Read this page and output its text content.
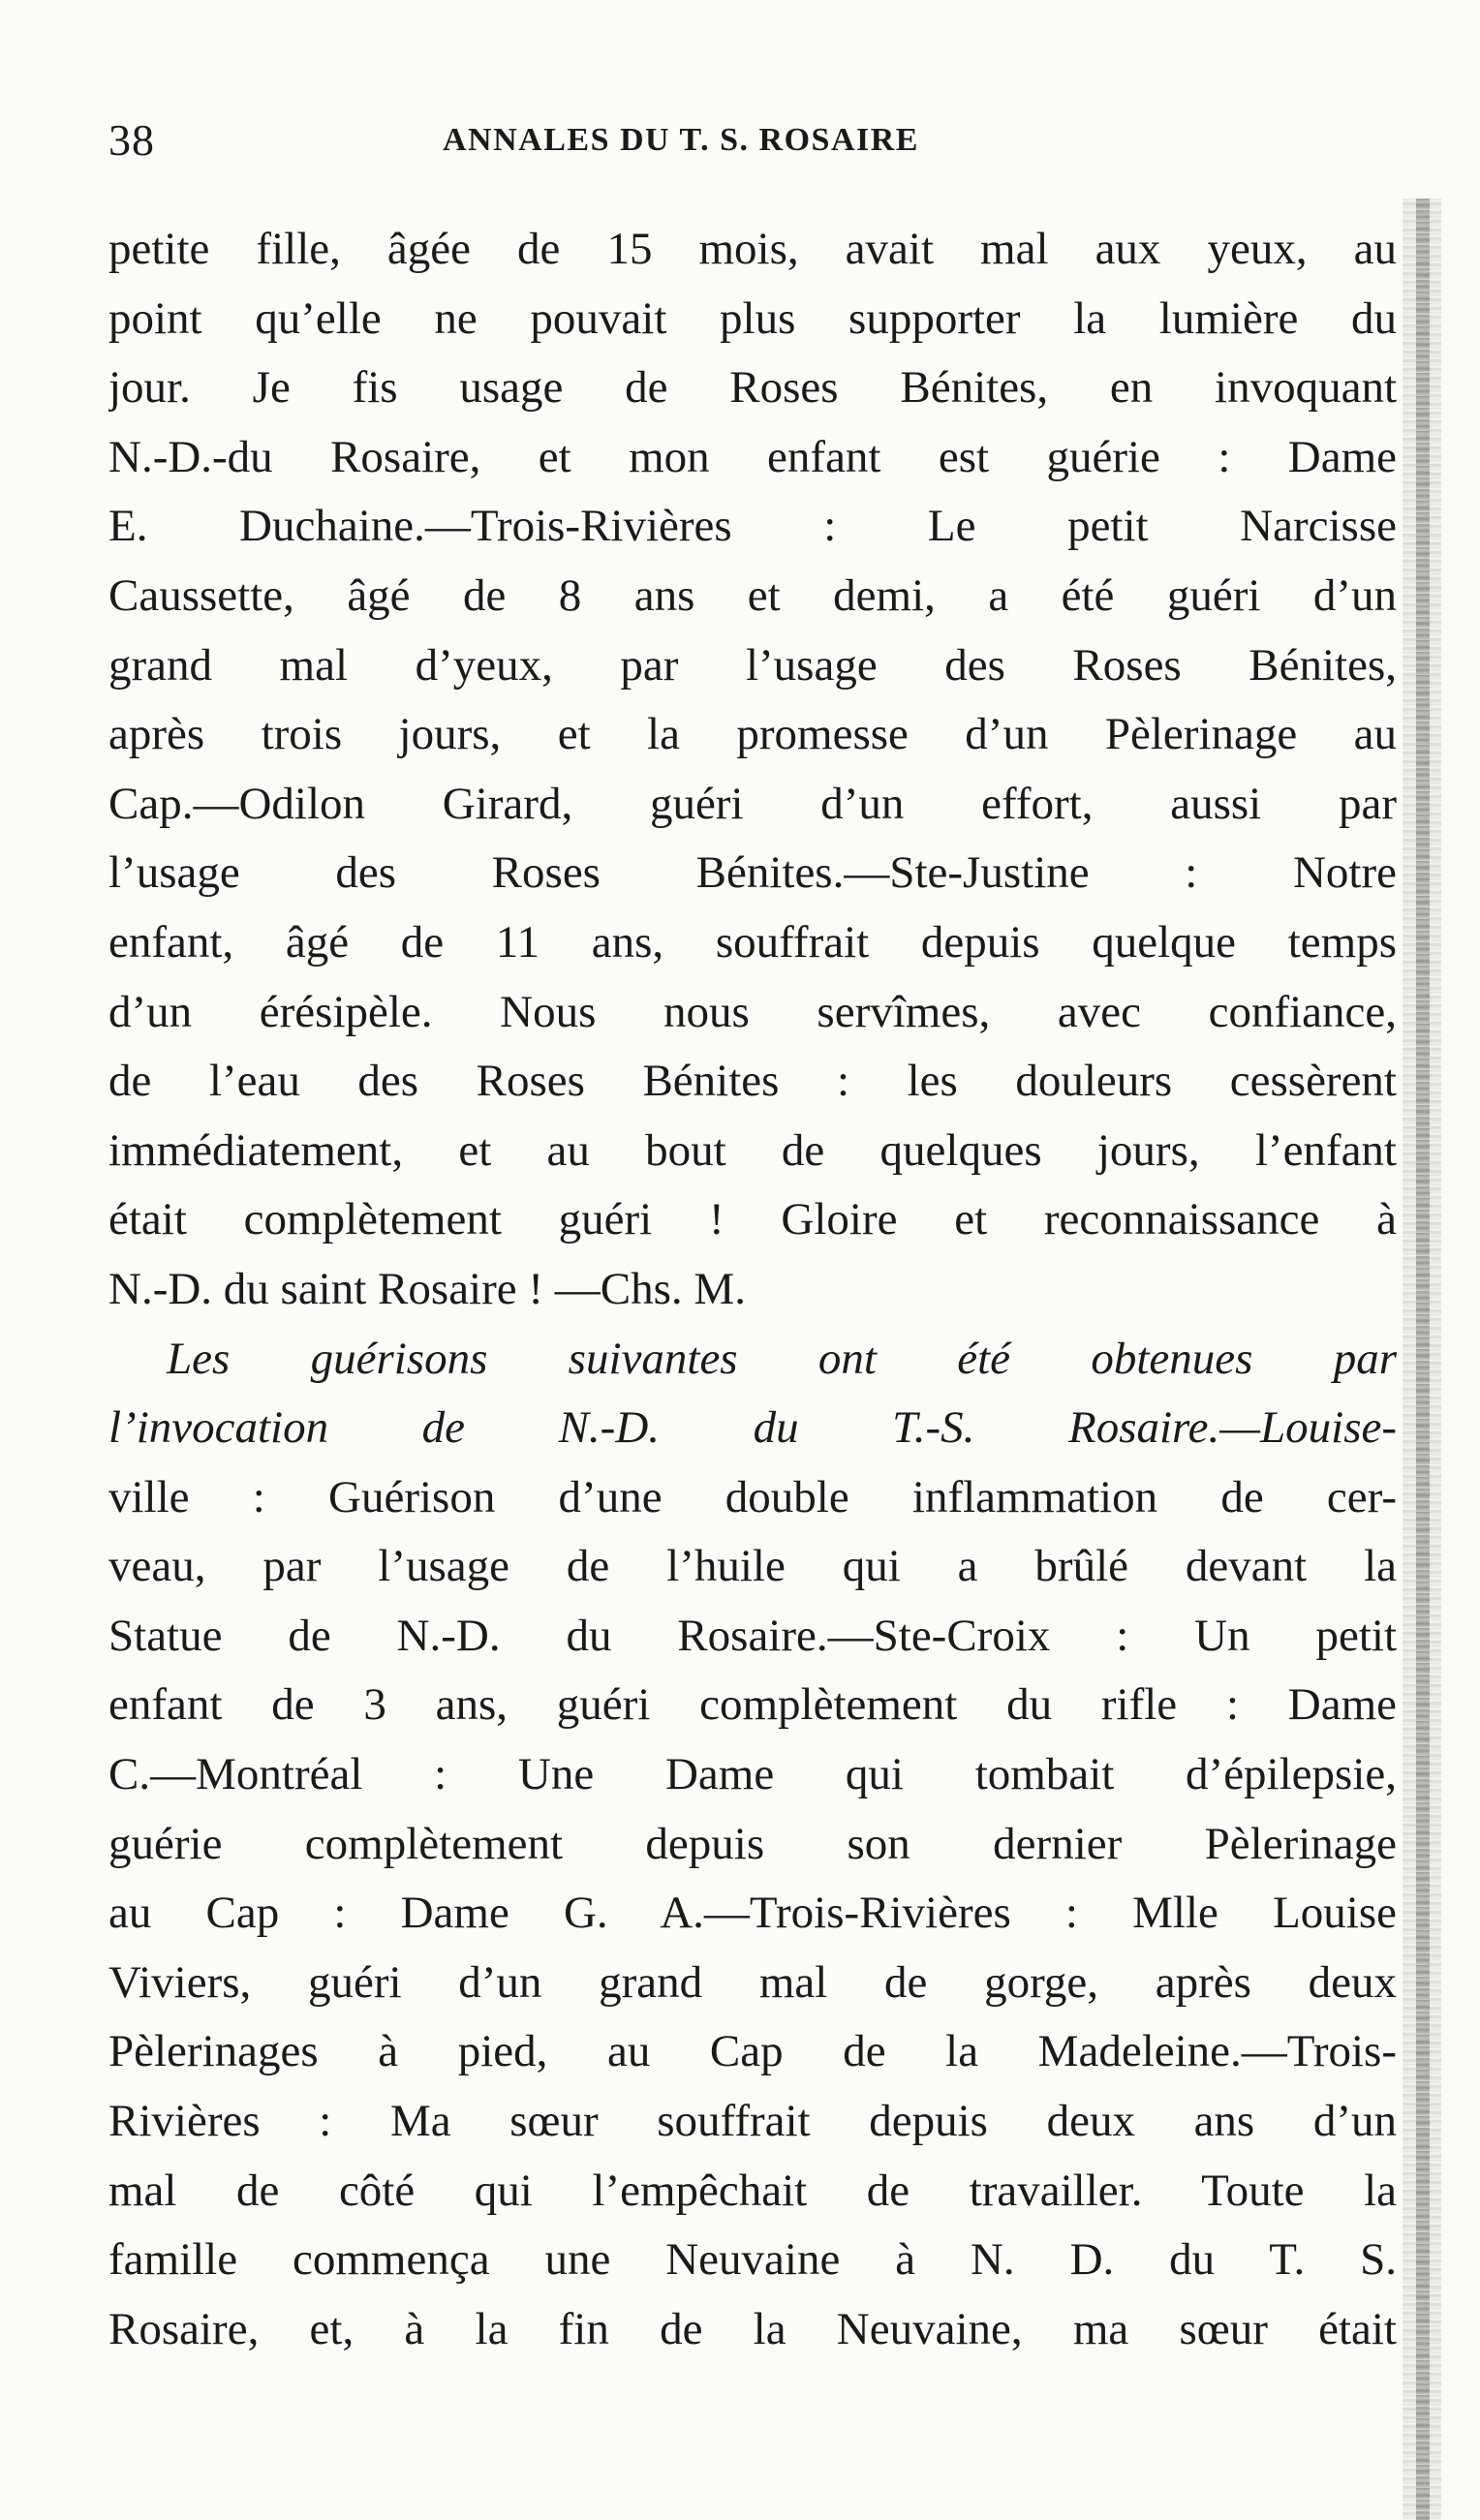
38	ANNALES DU T. S. ROSAIRE
petite fille, âgée de 15 mois, avait mal aux yeux, au
point qu’elle ne pouvait plus supporter la lumière du
jour. Je fis usage de Roses Bénites, en invoquant
N.-D.-du Rosaire, et mon enfant est guérie : Dame
E. Duchaine.—Trois-Rivières : Le petit Narcisse
Caussette, âgé de 8 ans et demi, a été guéri d’un
grand mal d’yeux, par l’usage des Roses Bénites,
après trois jours, et la promesse d’un Pèlerinage au
Cap.—Odilon Girard, guéri d’un effort, aussi par
l’usage des Roses Bénites.—Ste-Justine : Notre
enfant, âgé de 11 ans, souffrait depuis quelque temps
d’un érésipèle. Nous nous servîmes, avec confiance,
de l’eau des Roses Bénites : les douleurs cessèrent
immédiatement, et au bout de quelques jours, l’enfant
était complètement guéri ! Gloire et reconnaissance à
N.-D. du saint Rosaire ! —Chs. M.
Les guérisons suivantes ont été obtenues par
l’invocation de N.-D. du T.-S. Rosaire.—Louise-
ville : Guérison d’une double inflammation de cer-
veau, par l’usage de l’huile qui a brûlé devant la
Statue de N.-D. du Rosaire.—Ste-Croix : Un petit
enfant de 3 ans, guéri complètement du rifle : Dame
C.—Montréal : Une Dame qui tombait d’épilepsie,
guérie complètement depuis son dernier Pèlerinage
au Cap : Dame G. A.—Trois-Rivières : Mlle Louise
Viviers, guéri d’un grand mal de gorge, après deux
Pèlerinages à pied, au Cap de la Madeleine.—Trois-
Rivières : Ma sœur souffrait depuis deux ans d’un
mal de côté qui l’empêchait de travailler. Toute la
famille commença une Neuvaine à N. D. du T. S.
Rosaire, et, à la fin de la Neuvaine, ma sœur était
